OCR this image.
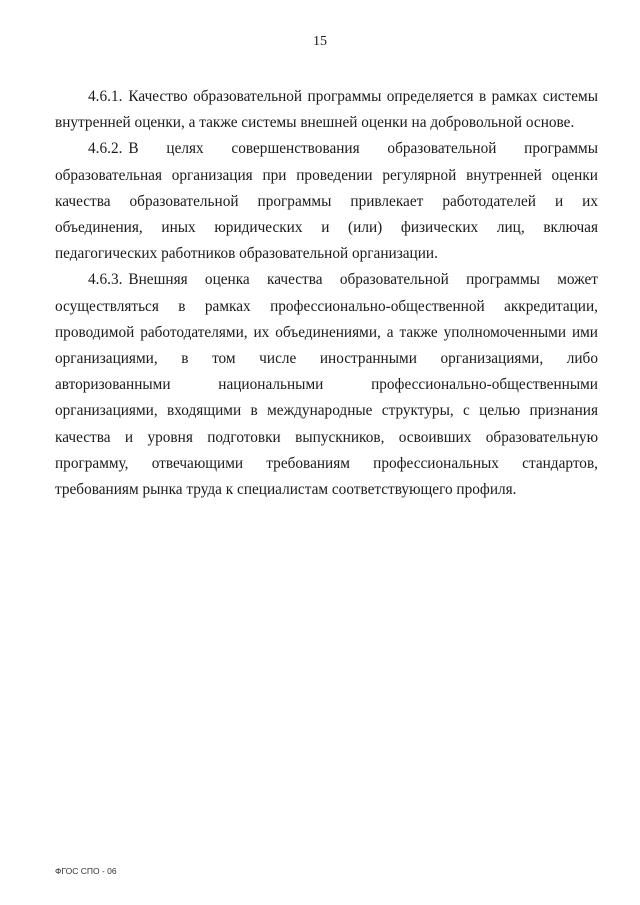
15

4.6.1. Качество образовательной программы определяется в рамках системы внутренней оценки, а также системы внешней оценки на добровольной основе.

4.6.2. В целях совершенствования образовательной программы образовательная организация при проведении регулярной внутренней оценки качества образовательной программы привлекает работодателей и их объединения, иных юридических и (или) физических лиц, включая педагогических работников образовательной организации.

4.6.3. Внешняя оценка качества образовательной программы может осуществляться в рамках профессионально-общественной аккредитации, проводимой работодателями, их объединениями, а также уполномоченными ими организациями, в том числе иностранными организациями, либо авторизованными национальными профессионально-общественными организациями, входящими в международные структуры, с целью признания качества и уровня подготовки выпускников, освоивших образовательную программу, отвечающими требованиям профессиональных стандартов, требованиям рынка труда к специалистам соответствующего профиля.

ФГОС СПО - 06
